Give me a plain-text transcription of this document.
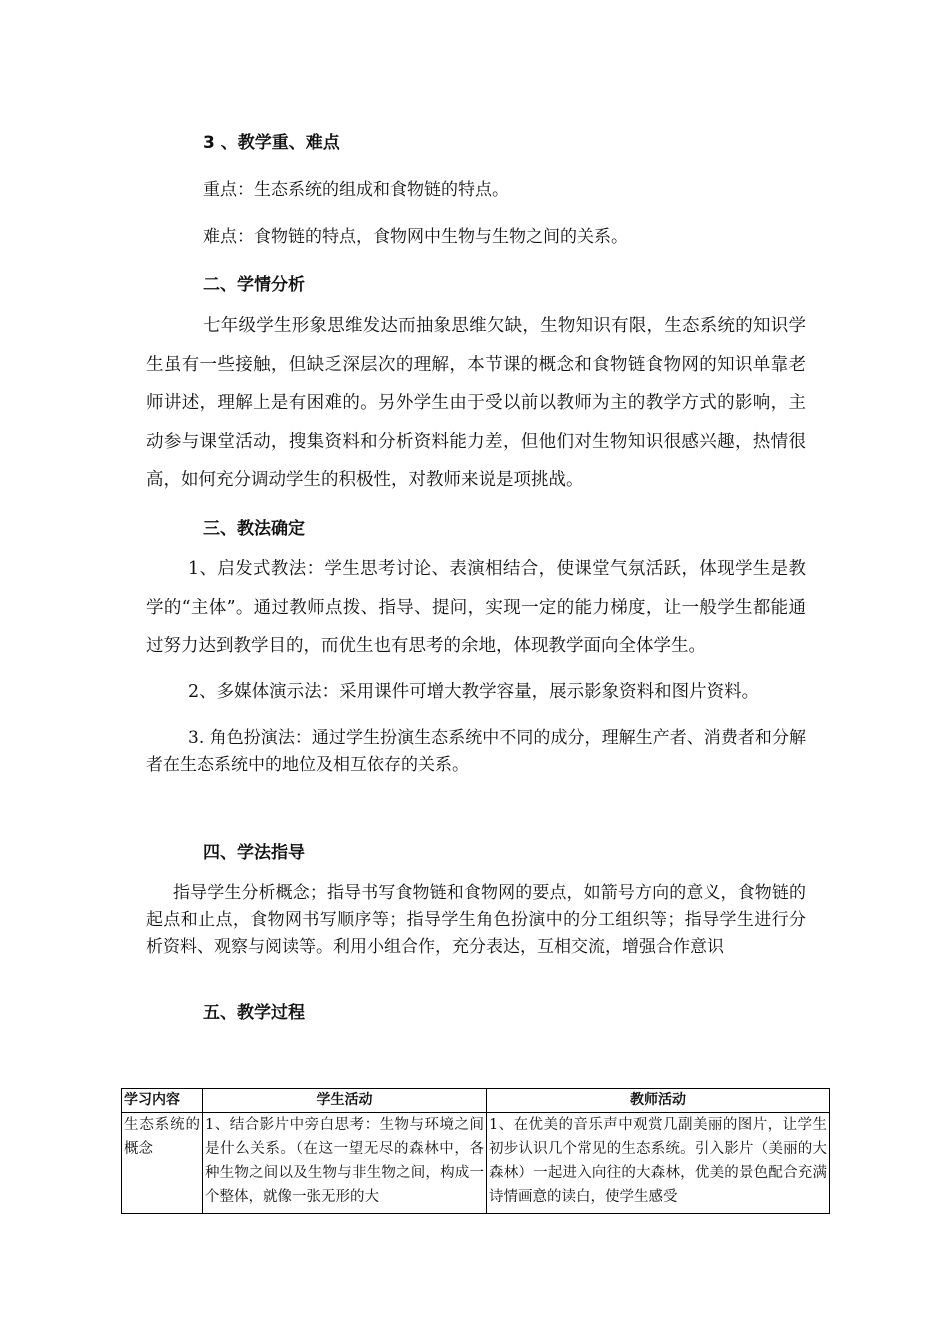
3 、教学重、难点
重点：生态系统的组成和食物链的特点。
难点：食物链的特点，食物网中生物与生物之间的关系。
二、学情分析
七年级学生形象思维发达而抽象思维欠缺，生物知识有限，生态系统的知识学生虽有一些接触，但缺乏深层次的理解，本节课的概念和食物链食物网的知识单靠老师讲述，理解上是有困难的。另外学生由于受以前以教师为主的教学方式的影响，主动参与课堂活动，搜集资料和分析资料能力差，但他们对生物知识很感兴趣，热情很高，如何充分调动学生的积极性，对教师来说是项挑战。
三、教法确定
1、启发式教法：学生思考讨论、表演相结合，使课堂气氛活跃，体现学生是教学的“主体”。通过教师点拨、指导、提问，实现一定的能力梯度，让一般学生都能通过努力达到教学目的，而优生也有思考的余地，体现教学面向全体学生。
2、多媒体演示法：采用课件可增大教学容量，展示影象资料和图片资料。
3. 角色扮演法：通过学生扮演生态系统中不同的成分，理解生产者、消费者和分解者在生态系统中的地位及相互依存的关系。
四、学法指导
指导学生分析概念；指导书写食物链和食物网的要点，如箭号方向的意义，食物链的起点和止点，食物网书写顺序等；指导学生角色扮演中的分工组织等；指导学生进行分析资料、观察与阅读等。利用小组合作，充分表达，互相交流，增强合作意识
五、教学过程
学习内容	学生活动	教师活动

生态系统的概念	1、结合影片中旁白思考：生物与环境之间是什么关系。（在这一望无尽的森林中，各种生物之间以及生物与非生物之间，构成一个整体，就像一张无形的大	1、在优美的音乐声中观赏几副美丽的图片，让学生初步认识几个常见的生态系统。引入影片（美丽的大森林）一起进入向往的大森林，优美的景色配合充满诗情画意的读白，使学生感受
